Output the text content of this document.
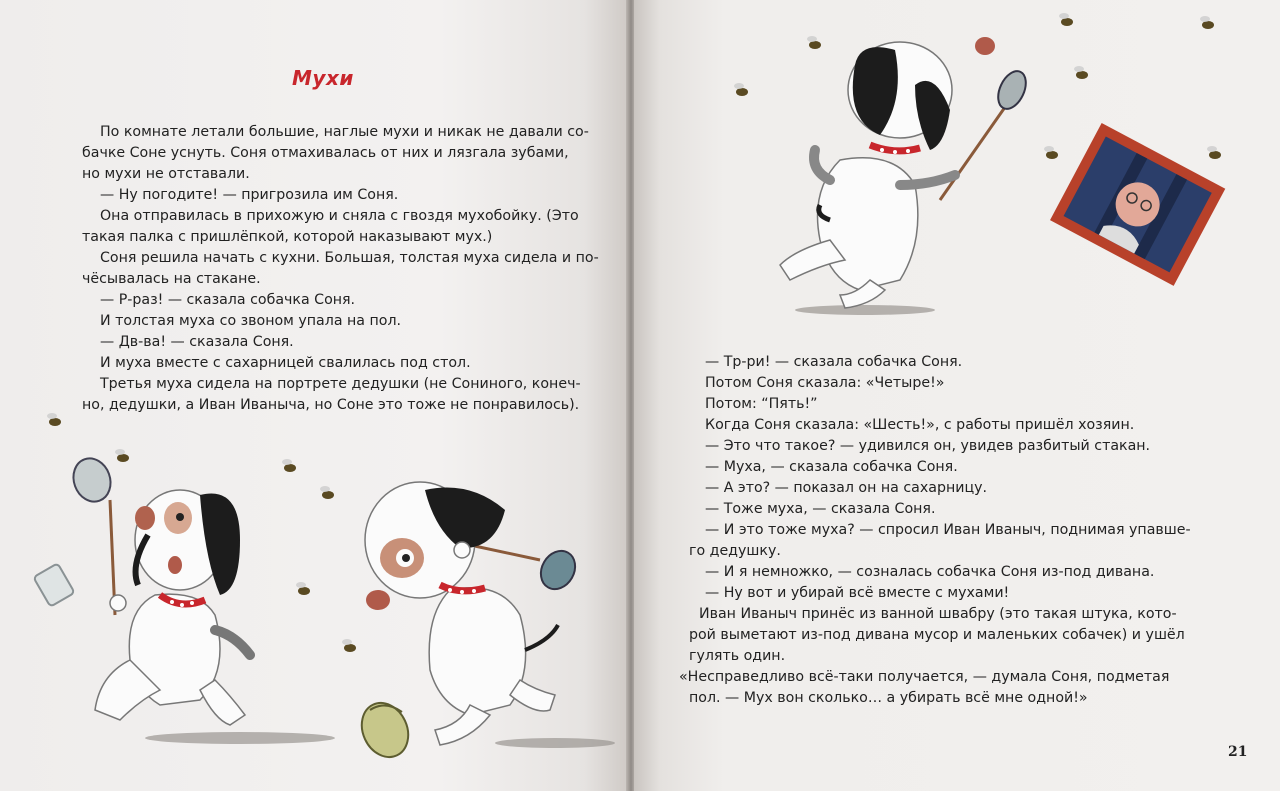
Мухи
По комнате летали большие, наглые мухи и никак не давали со-
бачке Соне уснуть. Соня отмахивалась от них и лязгала зубами,
но мухи не отставали.
— Ну погодите! — пригрозила им Соня.
Она отправилась в прихожую и сняла с гвоздя мухобойку. (Это
такая палка с пришлёпкой, которой наказывают мух.)
Соня решила начать с кухни. Большая, толстая муха сидела и по-
чёсывалась на стакане.
— Р-раз! — сказала собачка Соня.
И толстая муха со звоном упала на пол.
— Дв-ва! — сказала Соня.
И муха вместе с сахарницей свалилась под стол.
Третья муха сидела на портрете дедушки (не Сониного, конеч-
но, дедушки, а Иван Иваныча, но Соне это тоже не понравилось).
— Тр-ри! — сказала собачка Соня.
Потом Соня сказала: «Четыре!»
Потом: “Пять!”
Когда Соня сказала: «Шесть!», с работы пришёл хозяин.
— Это что такое? — удивился он, увидев разбитый стакан.
— Муха, — сказала собачка Соня.
— А это? — показал он на сахарницу.
— Тоже муха, — сказала Соня.
— И это тоже муха? — спросил Иван Иваныч, поднимая упавше-
го дедушку.
— И я немножко, — созналась собачка Соня из-под дивана.
— Ну вот и убирай всё вместе с мухами!
Иван Иваныч принёс из ванной швабру (это такая штука, кото-
рой выметают из-под дивана мусор и маленьких собачек) и ушёл
гулять один.
«Несправедливо всё-таки получается, — думала Соня, подметая
пол. — Мух вон сколько… а убирать всё мне одной!»
21
